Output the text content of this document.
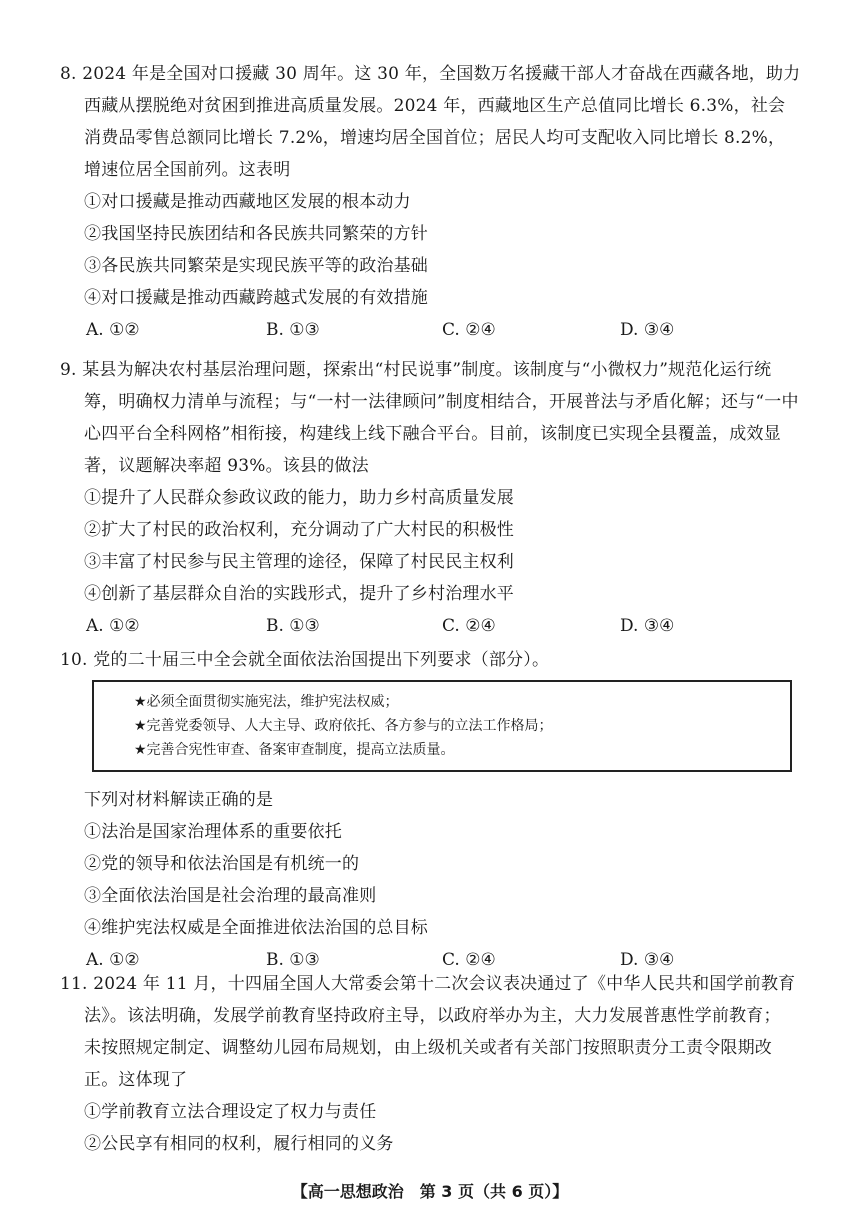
8. 2024 年是全国对口援藏 30 周年。这 30 年，全国数万名援藏干部人才奋战在西藏各地，助力
西藏从摆脱绝对贫困到推进高质量发展。2024 年，西藏地区生产总值同比增长 6.3%，社会
消费品零售总额同比增长 7.2%，增速均居全国首位；居民人均可支配收入同比增长 8.2%，
增速位居全国前列。这表明
①对口援藏是推动西藏地区发展的根本动力
②我国坚持民族团结和各民族共同繁荣的方针
③各民族共同繁荣是实现民族平等的政治基础
④对口援藏是推动西藏跨越式发展的有效措施
A. ①②	B. ①③	C. ②④	D. ③④
9. 某县为解决农村基层治理问题，探索出“村民说事”制度。该制度与“小微权力”规范化运行统
筹，明确权力清单与流程；与“一村一法律顾问”制度相结合，开展普法与矛盾化解；还与“一中
心四平台全科网格”相衔接，构建线上线下融合平台。目前，该制度已实现全县覆盖，成效显
著，议题解决率超 93%。该县的做法
①提升了人民群众参政议政的能力，助力乡村高质量发展
②扩大了村民的政治权利，充分调动了广大村民的积极性
③丰富了村民参与民主管理的途径，保障了村民民主权利
④创新了基层群众自治的实践形式，提升了乡村治理水平
A. ①②	B. ①③	C. ②④	D. ③④
10. 党的二十届三中全会就全面依法治国提出下列要求（部分）。
★必须全面贯彻实施宪法，维护宪法权威；
★完善党委领导、人大主导、政府依托、各方参与的立法工作格局；
★完善合宪性审查、备案审查制度，提高立法质量。
下列对材料解读正确的是
①法治是国家治理体系的重要依托
②党的领导和依法治国是有机统一的
③全面依法治国是社会治理的最高准则
④维护宪法权威是全面推进依法治国的总目标
A. ①②	B. ①③	C. ②④	D. ③④
11. 2024 年 11 月，十四届全国人大常委会第十二次会议表决通过了《中华人民共和国学前教育
法》。该法明确，发展学前教育坚持政府主导，以政府举办为主，大力发展普惠性学前教育；
未按照规定制定、调整幼儿园布局规划，由上级机关或者有关部门按照职责分工责令限期改
正。这体现了
①学前教育立法合理设定了权力与责任
②公民享有相同的权利，履行相同的义务
【高一思想政治　第 3 页（共 6 页）】
